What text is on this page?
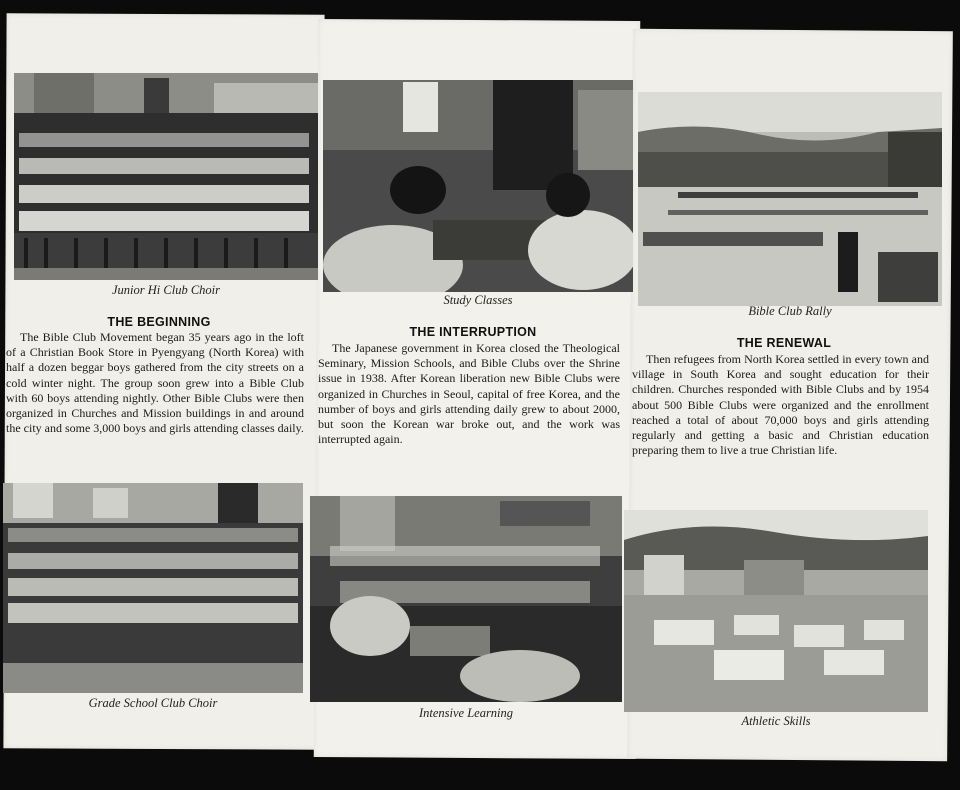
Junior Hi Club Choir
THE BEGINNING

The Bible Club Movement began 35 years ago in the loft of a Christian Book Store in Pyengyang (North Korea) with half a dozen beggar boys gathered from the city streets on a cold winter night. The group soon grew into a Bible Club with 60 boys attending nightly. Other Bible Clubs were then organized in Churches and Mission buildings in and around the city and some 3,000 boys and girls attending classes daily.

Grade School Club Choir
Study Classes
THE INTERRUPTION

The Japanese government in Korea closed the Theological Seminary, Mission Schools, and Bible Clubs over the Shrine issue in 1938. After Korean liberation new Bible Clubs were organized in Churches in Seoul, capital of free Korea, and the number of boys and girls attending daily grew to about 2000, but soon the Korean war broke out, and the work was interrupted again.

Intensive Learning
Bible Club Rally
THE RENEWAL

Then refugees from North Korea settled in every town and village in South Korea and sought education for their children. Churches responded with Bible Clubs and by 1954 about 500 Bible Clubs were organized and the enrollment reached a total of about 70,000 boys and girls attending regularly and getting a basic and Christian education preparing them to live a true Christian life.

Athletic Skills
